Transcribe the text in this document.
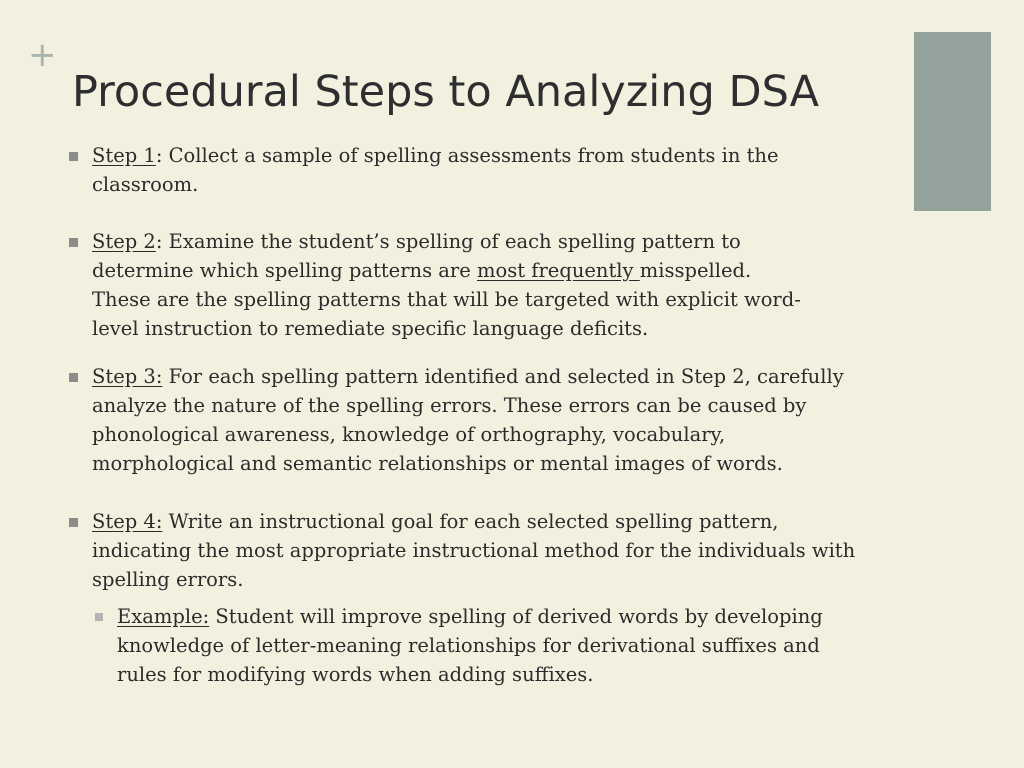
+
Procedural Steps to Analyzing DSA
Step 1: Collect a sample of spelling assessments from students in the
classroom.
Step 2: Examine the student’s spelling of each spelling pattern to
determine which spelling patterns are most frequently misspelled.
These are the spelling patterns that will be targeted with explicit word-
level instruction to remediate specific language deficits.
Step 3: For each spelling pattern identified and selected in Step 2, carefully
analyze the nature of the spelling errors. These errors can be caused by
phonological awareness, knowledge of orthography, vocabulary,
morphological and semantic relationships or mental images of words.
Step 4: Write an instructional goal for each selected spelling pattern,
indicating the most appropriate instructional method for the individuals with
spelling errors.
Example: Student will improve spelling of derived words by developing
knowledge of letter-meaning relationships for derivational suffixes and
rules for modifying words when adding suffixes.
